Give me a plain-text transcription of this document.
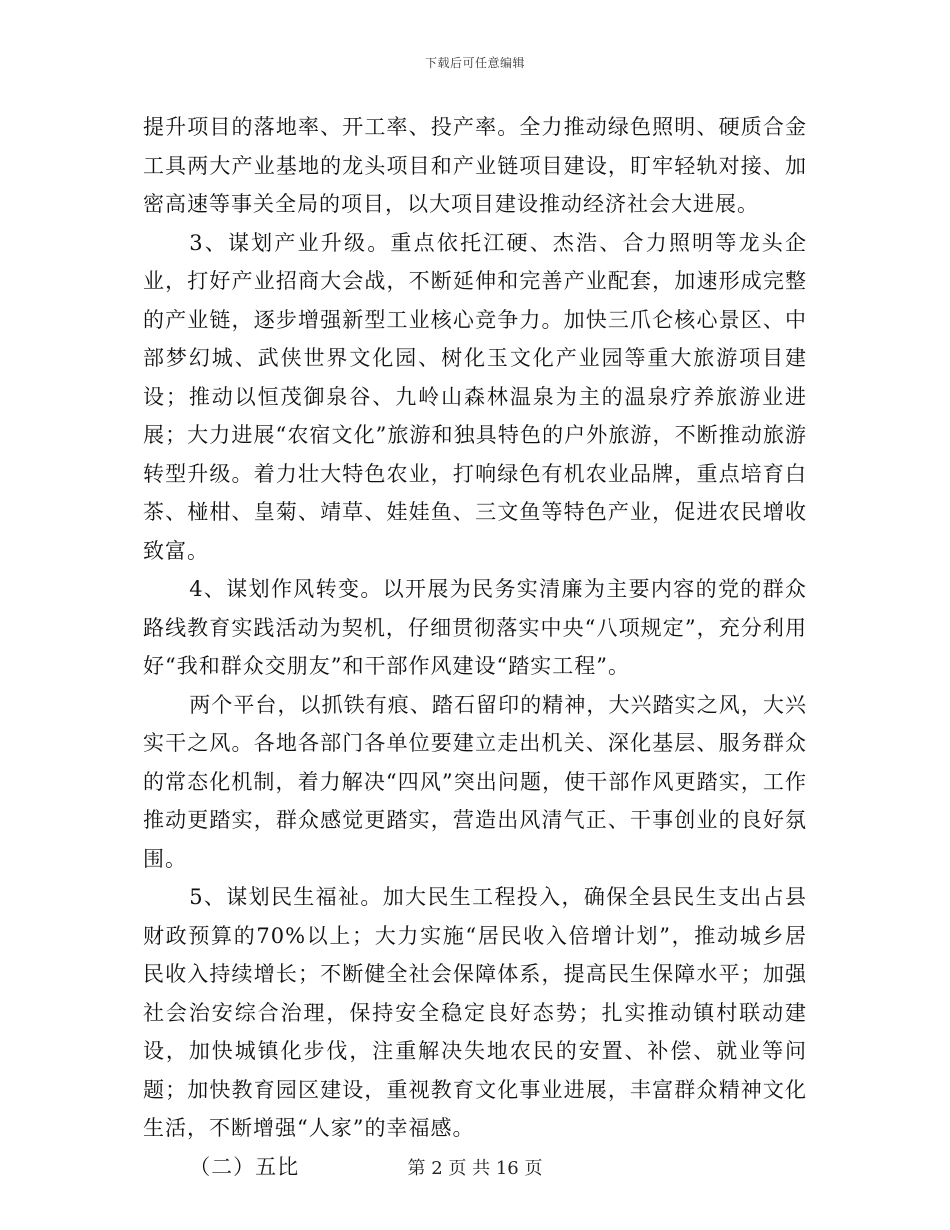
下载后可任意编辑

提升项目的落地率、开工率、投产率。全力推动绿色照明、硬质合金工具两大产业基地的龙头项目和产业链项目建设，盯牢轻轨对接、加密高速等事关全局的项目，以大项目建设推动经济社会大进展。

3、谋划产业升级。重点依托江硬、杰浩、合力照明等龙头企业，打好产业招商大会战，不断延伸和完善产业配套，加速形成完整的产业链，逐步增强新型工业核心竞争力。加快三爪仑核心景区、中部梦幻城、武侠世界文化园、树化玉文化产业园等重大旅游项目建设；推动以恒茂御泉谷、九岭山森林温泉为主的温泉疗养旅游业进展；大力进展“农宿文化”旅游和独具特色的户外旅游，不断推动旅游转型升级。着力壮大特色农业，打响绿色有机农业品牌，重点培育白茶、椪柑、皇菊、靖草、娃娃鱼、三文鱼等特色产业，促进农民增收致富。

4、谋划作风转变。以开展为民务实清廉为主要内容的党的群众路线教育实践活动为契机，仔细贯彻落实中央“八项规定”，充分利用好“我和群众交朋友”和干部作风建设“踏实工程”。

两个平台，以抓铁有痕、踏石留印的精神，大兴踏实之风，大兴实干之风。各地各部门各单位要建立走出机关、深化基层、服务群众的常态化机制，着力解决“四风”突出问题，使干部作风更踏实，工作推动更踏实，群众感觉更踏实，营造出风清气正、干事创业的良好氛围。

5、谋划民生福祉。加大民生工程投入，确保全县民生支出占县财政预算的70%以上；大力实施“居民收入倍增计划”，推动城乡居民收入持续增长；不断健全社会保障体系，提高民生保障水平；加强社会治安综合治理，保持安全稳定良好态势；扎实推动镇村联动建设，加快城镇化步伐，注重解决失地农民的安置、补偿、就业等问题；加快教育园区建设，重视教育文化事业进展，丰富群众精神文化生活，不断增强“人家”的幸福感。

（二）五比	第 2 页 共 16 页
